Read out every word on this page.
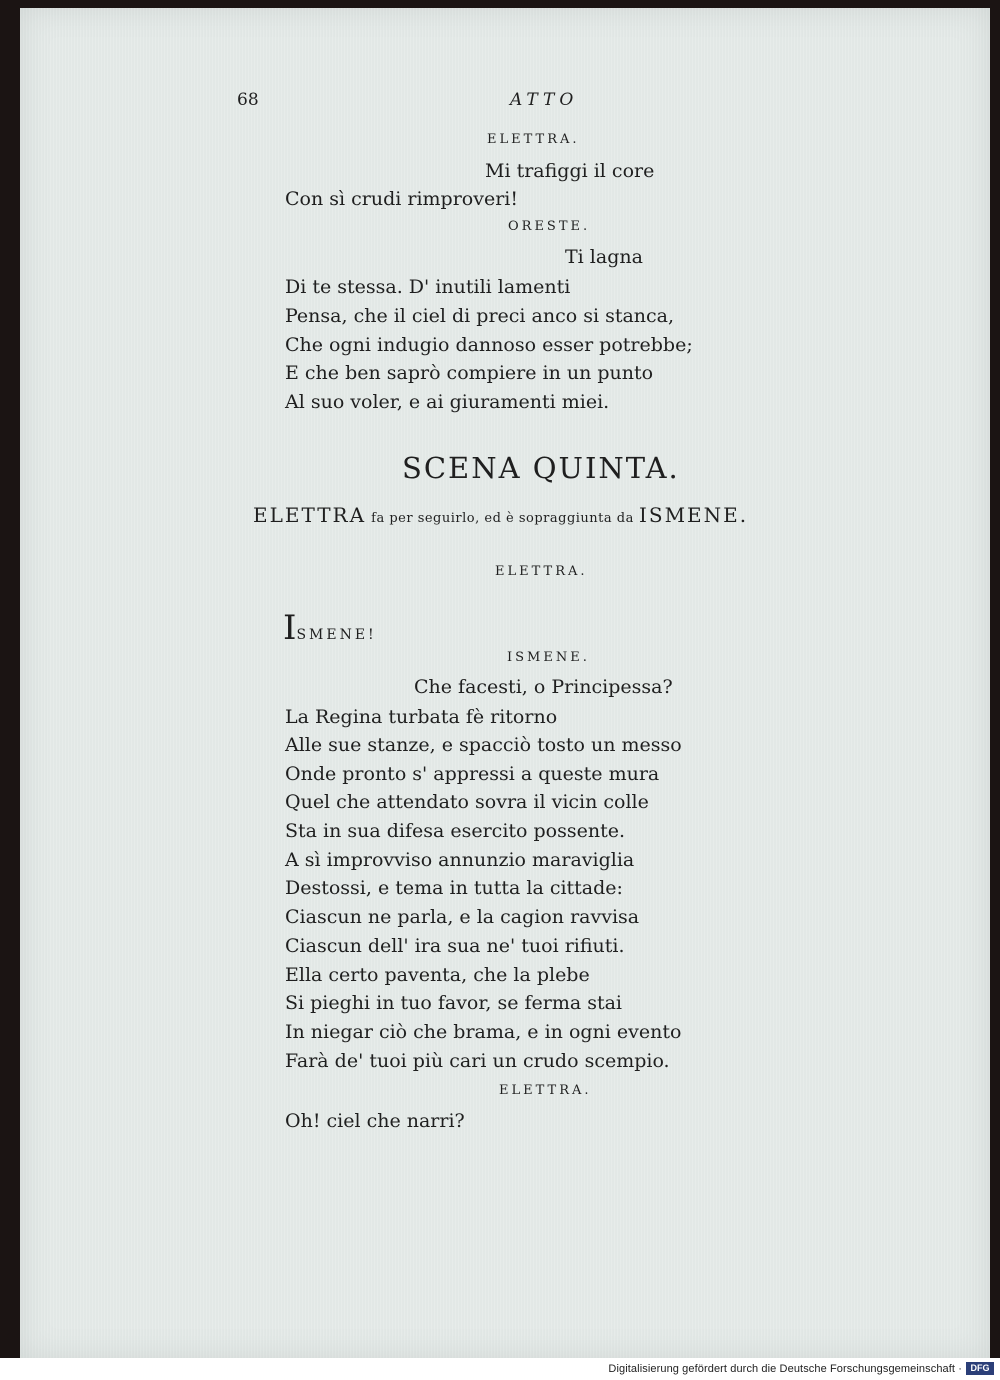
68	ATTO
ELETTRA.
Mi trafiggi il core
Con sì crudi rimproveri!
ORESTE.
Ti lagna
Di te stessa. D' inutili lamenti
Pensa, che il ciel di preci anco si stanca,
Che ogni indugio dannoso esser potrebbe;
E che ben saprò compiere in un punto
Al suo voler, e ai giuramenti miei.
SCENA QUINTA.
ELETTRA fa per seguirlo, ed è sopraggiunta da ISMENE.
ELETTRA.
ISMENE!
ISMENE.
Che facesti, o Principessa?
La Regina turbata fè ritorno
Alle sue stanze, e spacciò tosto un messo
Onde pronto s' appressi a queste mura
Quel che attendato sovra il vicin colle
Sta in sua difesa esercito possente.
A sì improvviso annunzio maraviglia
Destossi, e tema in tutta la cittade:
Ciascun ne parla, e la cagion ravvisa
Ciascun dell' ira sua ne' tuoi rifiuti.
Ella certo paventa, che la plebe
Si pieghi in tuo favor, se ferma stai
In niegar ciò che brama, e in ogni evento
Farà de' tuoi più cari un crudo scempio.
ELETTRA.
Oh! ciel che narri?
Digitalisierung gefördert durch die Deutsche Forschungsgemeinschaft · DFG
